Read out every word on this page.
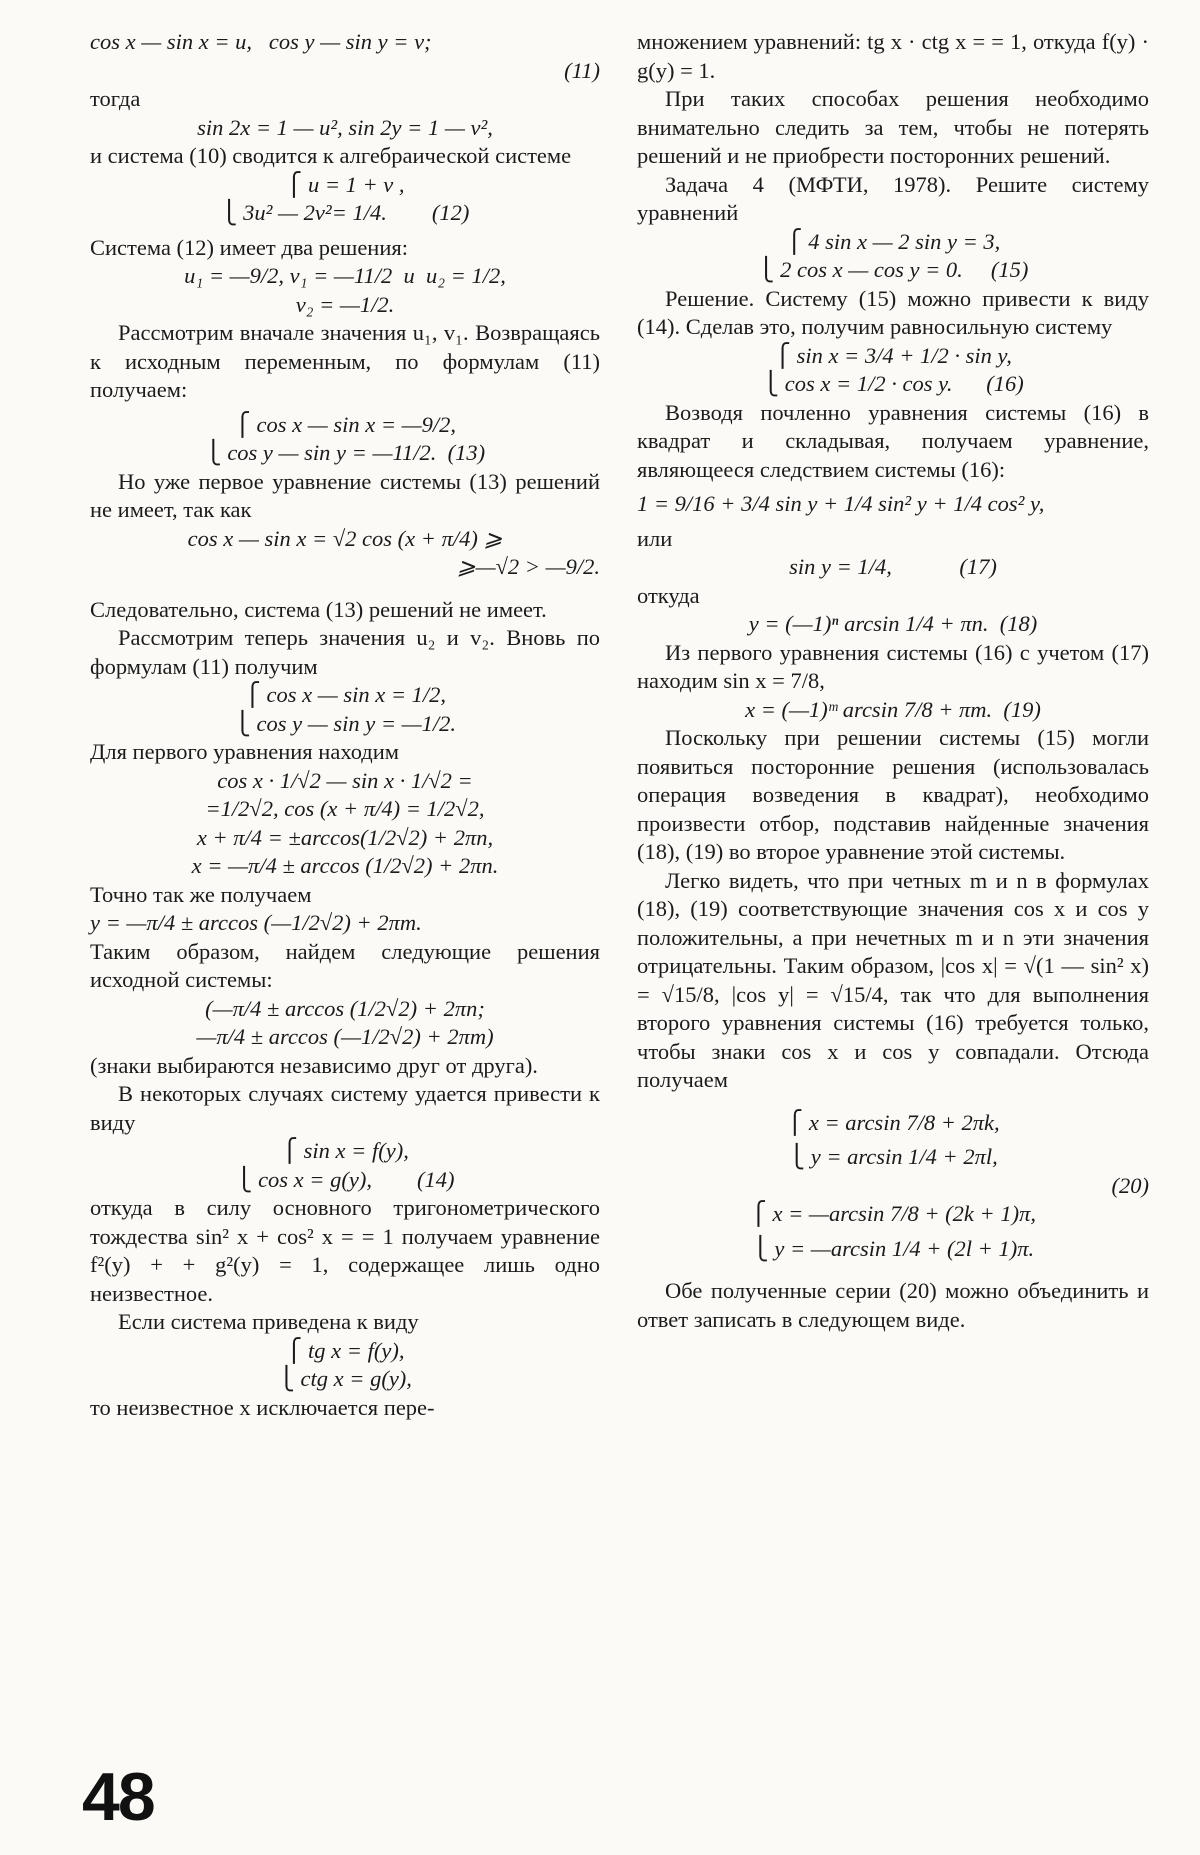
cos x — sin x = u,   cos y — sin y = v;
(11)

тогда

sin 2x = 1 — u², sin 2y = 1 — v²,

и система (10) сводится к алгебраической системе

⎧ u = 1 + v ,
⎩ 3u² — 2v²= 1/4.        (12)

Система (12) имеет два решения:

u₁ = —9/2, v₁ = —11/2  и  u₂ = 1/2,
v₂ = —1/2.

Рассмотрим вначале значения u₁, v₁. Возвращаясь к исходным переменным, по формулам (11) получаем:

⎧ cos x — sin x = —9/2,
⎩ cos y — sin y = —11/2.  (13)

Но уже первое уравнение системы (13) решений не имеет, так как

cos x — sin x = √2 cos (x + π/4) ⩾
⩾—√2 > —9/2.

Следовательно, система (13) решений не имеет.

Рассмотрим теперь значения u₂ и v₂. Вновь по формулам (11) получим

⎧ cos x — sin x = 1/2,
⎩ cos y — sin y = —1/2.

Для первого уравнения находим

cos x · 1/√2 — sin x · 1/√2 =
=1/2√2, cos (x + π/4) = 1/2√2,
x + π/4 = ±arccos(1/2√2) + 2πn,
x = —π/4 ± arccos (1/2√2) + 2πn.

Точно так же получаем

y = —π/4 ± arccos (—1/2√2) + 2πm.

Таким образом, найдем следующие решения исходной системы:

(—π/4 ± arccos (1/2√2) + 2πn;
—π/4 ± arccos (—1/2√2) + 2πm)

(знаки выбираются независимо друг от друга).

В некоторых случаях систему удается привести к виду

⎧ sin x = f(y),
⎩ cos x = g(y),        (14)

откуда в силу основного тригонометрического тождества sin² x + cos² x = = 1 получаем уравнение f²(y) + + g²(y) = 1, содержащее лишь одно неизвестное.

Если система приведена к виду

⎧ tg x = f(y),
⎩ ctg x = g(y),

то неизвестное x исключается пере-

множением уравнений: tg x · ctg x = = 1, откуда f(y) · g(y) = 1.

При таких способах решения необходимо внимательно следить за тем, чтобы не потерять решений и не приобрести посторонних решений.

Задача 4 (МФТИ, 1978). Решите систему уравнений

⎧ 4 sin x — 2 sin y = 3,
⎩ 2 cos x — cos y = 0.     (15)

Решение. Систему (15) можно привести к виду (14). Сделав это, получим равносильную систему

⎧ sin x = 3/4 + 1/2 · sin y,
⎩ cos x = 1/2 · cos y.      (16)

Возводя почленно уравнения системы (16) в квадрат и складывая, получаем уравнение, являющееся следствием системы (16):

1 = 9/16 + 3/4 sin y + 1/4 sin² y + 1/4 cos² y,

или

sin y = 1/4,            (17)

откуда

y = (—1)ⁿ arcsin 1/4 + πn.  (18)

Из первого уравнения системы (16) с учетом (17) находим sin x = 7/8,

x = (—1)ᵐ arcsin 7/8 + πm.  (19)

Поскольку при решении системы (15) могли появиться посторонние решения (использовалась операция возведения в квадрат), необходимо произвести отбор, подставив найденные значения (18), (19) во второе уравнение этой системы.

Легко видеть, что при четных m и n в формулах (18), (19) соответствующие значения cos x и cos y положительны, а при нечетных m и n эти значения отрицательны. Таким образом, |cos x| = √(1 — sin² x) = √15/8, |cos y| = √15/4, так что для выполнения второго уравнения системы (16) требуется только, чтобы знаки cos x и cos y совпадали. Отсюда получаем

⎧ x = arcsin 7/8 + 2πk,
⎩ y = arcsin 1/4 + 2πl,
(20)
⎧ x = —arcsin 7/8 + (2k + 1)π,
⎩ y = —arcsin 1/4 + (2l + 1)π.

Обе полученные серии (20) можно объединить и ответ записать в следующем виде.

48
